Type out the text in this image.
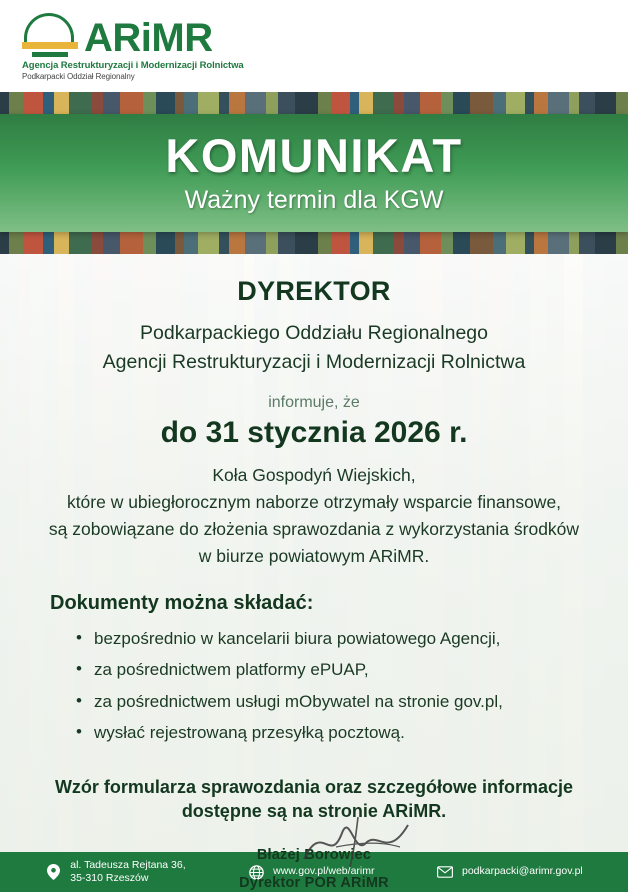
ARiMR
Agencja Restrukturyzacji i Modernizacji Rolnictwa
Podkarpacki Oddział Regionalny
KOMUNIKAT
Ważny termin dla KGW
DYREKTOR
Podkarpackiego Oddziału Regionalnego
Agencji Restrukturyzacji i Modernizacji Rolnictwa
informuje, że
do 31 stycznia 2026 r.
Koła Gospodyń Wiejskich,
które w ubiegłorocznym naborze otrzymały wsparcie finansowe,
są zobowiązane do złożenia sprawozdania z wykorzystania środków
w biurze powiatowym ARiMR.
Dokumenty można składać:
• bezpośrednio w kancelarii biura powiatowego Agencji,
• za pośrednictwem platformy ePUAP,
• za pośrednictwem usługi mObywatel na stronie gov.pl,
• wysłać rejestrowaną przesyłką pocztową.
Wzór formularza sprawozdania oraz szczegółowe informacje
dostępne są na stronie ARiMR.
Błażej Borowiec
Dyrektor POR ARiMR
al. Tadeusza Rejtana 36,
35-310 Rzeszów
www.gov.pl/web/arimr	podkarpacki@arimr.gov.pl
